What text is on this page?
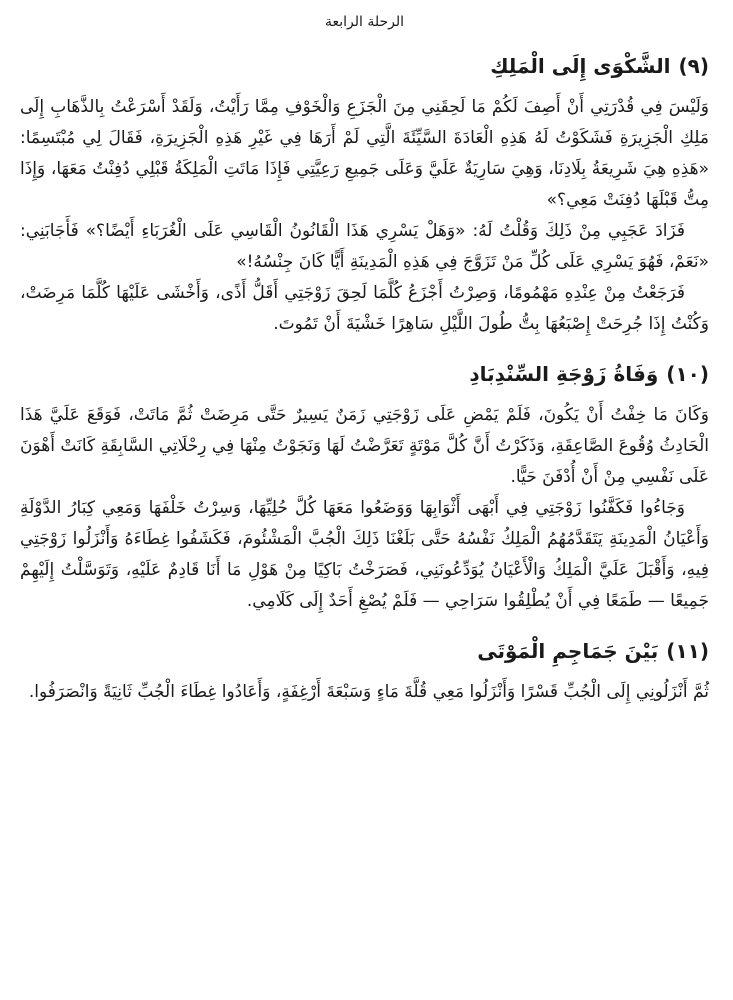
الرحلة الرابعة
(٩)الشَّكْوَى إِلَى الْمَلِكِ

وَلَيْسَ فِي قُدْرَتِي أَنْ أَصِفَ لَكُمْ مَا لَحِقَنِي مِنَ الْجَزَعِ وَالْخَوْفِ مِمَّا رَأَيْتُ، وَلَقَدْ أَسْرَعْتُ بِالذَّهَابِ إِلَى مَلِكِ الْجَزِيرَةِ فَشَكَوْتُ لَهُ هَذِهِ الْعَادَةَ السَّيِّئَةَ الَّتِي لَمْ أَرَهَا فِي غَيْرِ هَذِهِ الْجَزِيرَةِ، فَقَالَ لِي مُبْتَسِمًا: «هَذِهِ هِيَ شَرِيعَةُ بِلَادِنَا، وَهِيَ سَارِيَةٌ عَلَيَّ وَعَلَى جَمِيعِ رَعِيَّتِي فَإِذَا مَاتَتِ الْمَلِكَةُ قَبْلِي دُفِنْتُ مَعَهَا، وَإِذَا مِتُّ قَبْلَهَا دُفِنَتْ مَعِي؟»

فَزَادَ عَجَبِي مِنْ ذَلِكَ وَقُلْتُ لَهُ: «وَهَلْ يَسْرِي هَذَا الْقَانُونُ الْقَاسِي عَلَى الْغُرَبَاءِ أَيْضًا؟» فَأَجَابَنِي: «نَعَمْ، فَهُوَ يَسْرِي عَلَى كُلِّ مَنْ تَزَوَّجَ فِي هَذِهِ الْمَدِينَةِ أَيًّا كَانَ جِنْسُهُ!»

فَرَجَعْتُ مِنْ عِنْدِهِ مَهْمُومًا، وَصِرْتُ أَجْزَعُ كُلَّمَا لَحِقَ زَوْجَتِي أَقَلُّ أَذًى، وَأَخْشَى عَلَيْهَا كُلَّمَا مَرِضَتْ، وَكُنْتُ إِذَا جُرِحَتْ إِصْبَعُهَا بِتُّ طُولَ اللَّيْلِ سَاهِرًا خَشْيَةَ أَنْ تَمُوتَ.

(١٠)وَفَاةُ زَوْجَةِ السِّنْدِبَادِ

وَكَانَ مَا خِفْتُ أَنْ يَكُونَ، فَلَمْ يَمْضِ عَلَى زَوْجَتِي زَمَنٌ يَسِيرٌ حَتَّى مَرِضَتْ ثُمَّ مَاتَتْ، فَوَقَعَ عَلَيَّ هَذَا الْحَادِثُ وُقُوعَ الصَّاعِقَةِ، وَذَكَرْتُ أَنَّ كُلَّ مَوْتَةٍ تَعَرَّضْتُ لَهَا وَنَجَوْتُ مِنْهَا فِي رِحْلَاتِي السَّابِقَةِ كَانَتْ أَهْوَنَ عَلَى نَفْسِي مِنْ أَنْ أُدْفَنَ حَيًّا.

وَجَاءُوا فَكَفَّنُوا زَوْجَتِي فِي أَبْهَى أَثْوَابِهَا وَوَضَعُوا مَعَهَا كُلَّ حُلِيِّهَا، وَسِرْتُ خَلْفَهَا وَمَعِي كِبَارُ الدَّوْلَةِ وَأَعْيَانُ الْمَدِينَةِ يَتَقَدَّمُهُمُ الْمَلِكُ نَفْسُهُ حَتَّى بَلَغْنَا ذَلِكَ الْجُبَّ الْمَشْئُومَ، فَكَشَفُوا غِطَاءَهُ وَأَنْزَلُوا زَوْجَتِي فِيهِ، وَأَقْبَلَ عَلَيَّ الْمَلِكُ وَالْأَعْيَانُ يُوَدِّعُونَنِي، فَصَرَخْتُ بَاكِيًا مِنْ هَوْلِ مَا أَنَا قَادِمٌ عَلَيْهِ، وَتَوَسَّلْتُ إِلَيْهِمْ جَمِيعًا — طَمَعًا فِي أَنْ يُطْلِقُوا سَرَاحِي — فَلَمْ يُصْغِ أَحَدٌ إِلَى كَلَامِي.

(١١)بَيْنَ جَمَاجِمِ الْمَوْتَى

ثُمَّ أَنْزَلُونِي إِلَى الْجُبِّ قَسْرًا وَأَنْزَلُوا مَعِي قُلَّةَ مَاءٍ وَسَبْعَةَ أَرْغِفَةٍ، وَأَعَادُوا غِطَاءَ الْجُبِّ ثَانِيَةً وَانْصَرَفُوا.
